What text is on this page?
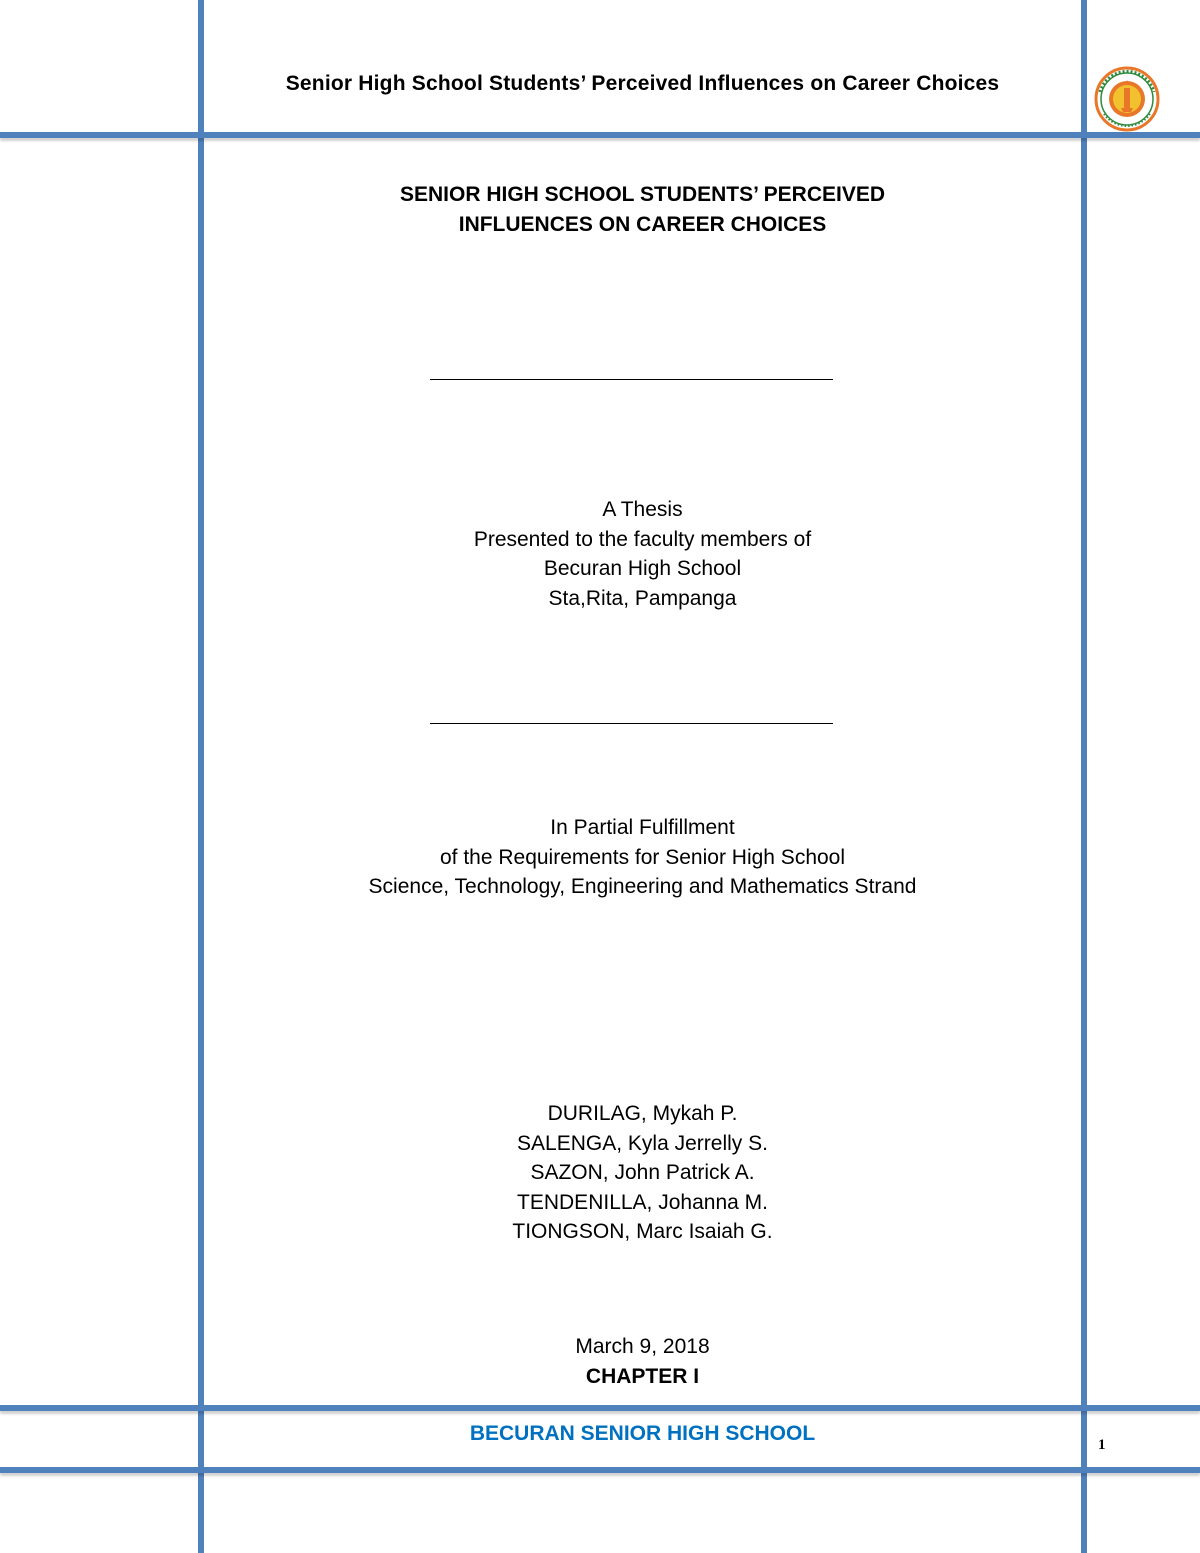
Senior High School Students’ Perceived Influences on Career Choices
SENIOR HIGH SCHOOL STUDENTS’ PERCEIVED
INFLUENCES ON CAREER CHOICES
A Thesis
Presented to the faculty members of
Becuran High School
Sta,Rita, Pampanga
In Partial Fulfillment
of the Requirements for Senior High School
Science, Technology, Engineering and Mathematics Strand
DURILAG, Mykah P.
SALENGA, Kyla Jerrelly S.
SAZON, John Patrick A.
TENDENILLA, Johanna M.
TIONGSON, Marc Isaiah G.
March 9, 2018
CHAPTER I
BECURAN SENIOR HIGH SCHOOL	1
